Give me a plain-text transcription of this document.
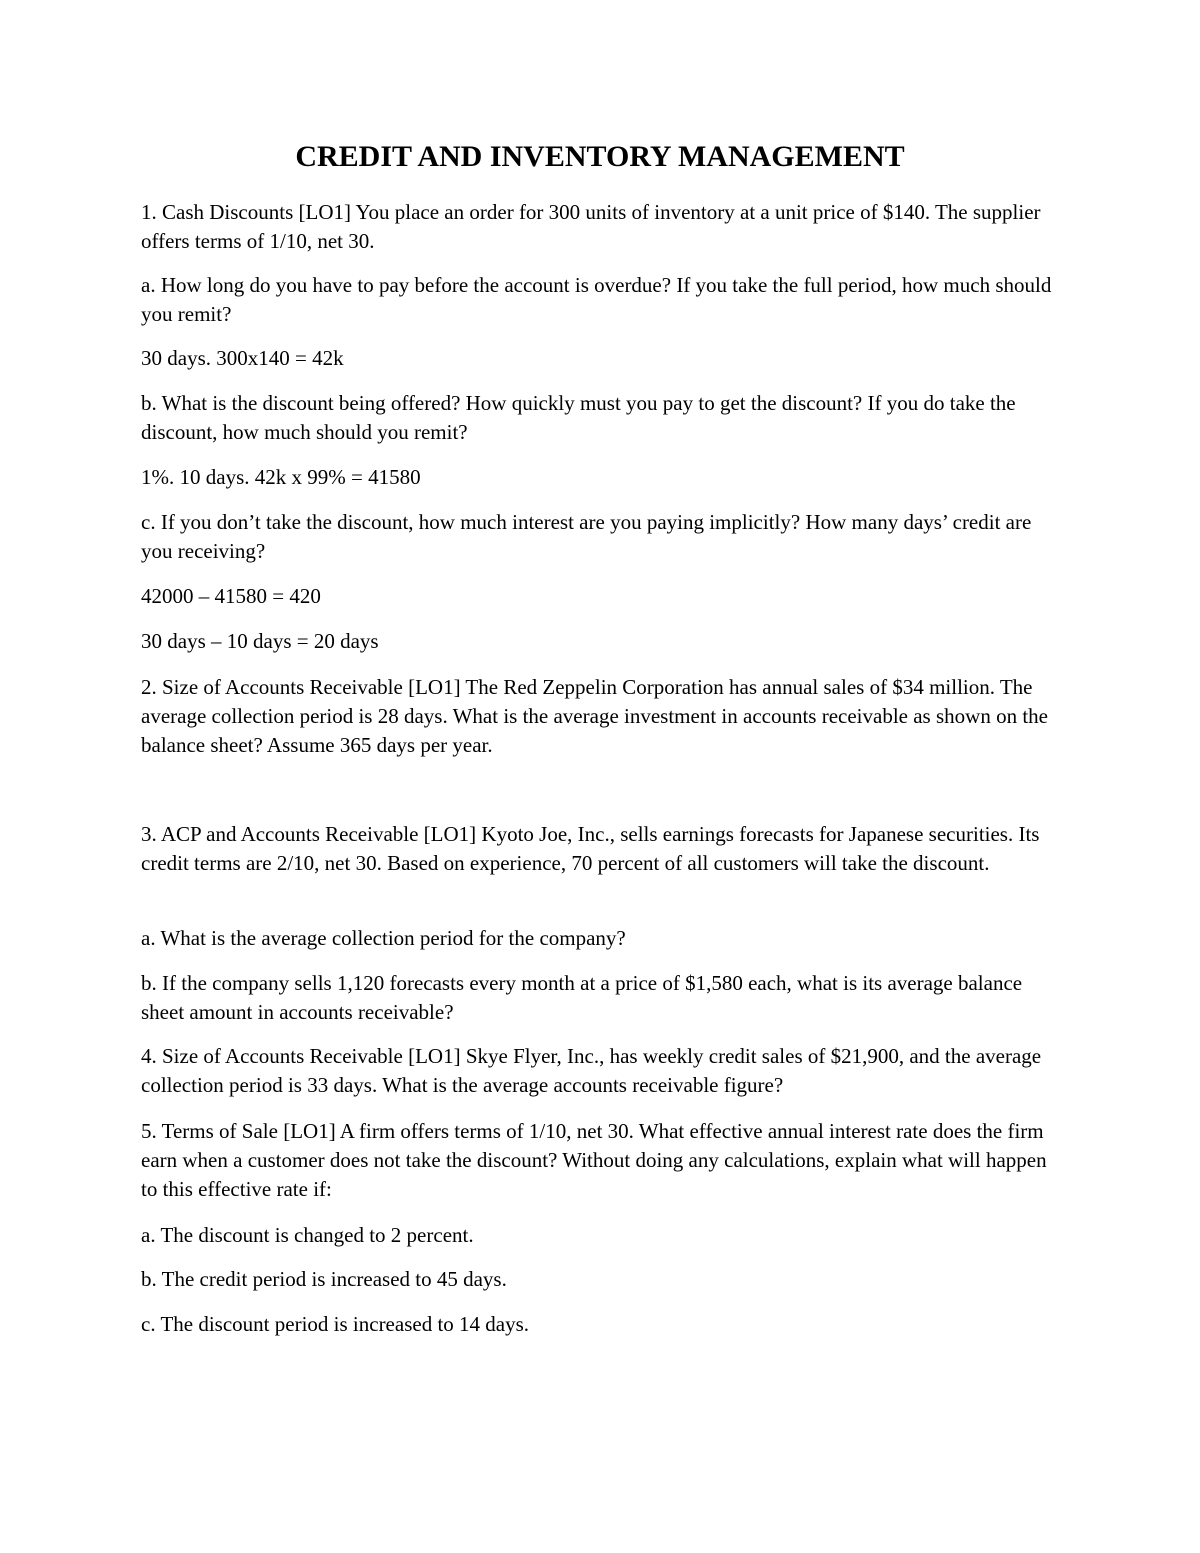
CREDIT AND INVENTORY MANAGEMENT

1. Cash Discounts [LO1] You place an order for 300 units of inventory at a unit price of $140. The supplier offers terms of 1/10, net 30.

a. How long do you have to pay before the account is overdue? If you take the full period, how much should you remit?

30 days. 300x140 = 42k

b. What is the discount being offered? How quickly must you pay to get the discount? If you do take the discount, how much should you remit?

1%. 10 days. 42k x 99% = 41580

c. If you don’t take the discount, how much interest are you paying implicitly? How many days’ credit are you receiving?

42000 – 41580 = 420

30 days – 10 days = 20 days

2. Size of Accounts Receivable [LO1] The Red Zeppelin Corporation has annual sales of $34 million. The average collection period is 28 days. What is the average investment in accounts receivable as shown on the balance sheet? Assume 365 days per year.

3. ACP and Accounts Receivable [LO1] Kyoto Joe, Inc., sells earnings forecasts for Japanese securities. Its credit terms are 2/10, net 30. Based on experience, 70 percent of all customers will take the discount.

a. What is the average collection period for the company?

b. If the company sells 1,120 forecasts every month at a price of $1,580 each, what is its average balance sheet amount in accounts receivable?

4. Size of Accounts Receivable [LO1] Skye Flyer, Inc., has weekly credit sales of $21,900, and the average collection period is 33 days. What is the average accounts receivable figure?

5. Terms of Sale [LO1] A firm offers terms of 1/10, net 30. What effective annual interest rate does the firm earn when a customer does not take the discount? Without doing any calculations, explain what will happen to this effective rate if:

a. The discount is changed to 2 percent.

b. The credit period is increased to 45 days.

c. The discount period is increased to 14 days.
